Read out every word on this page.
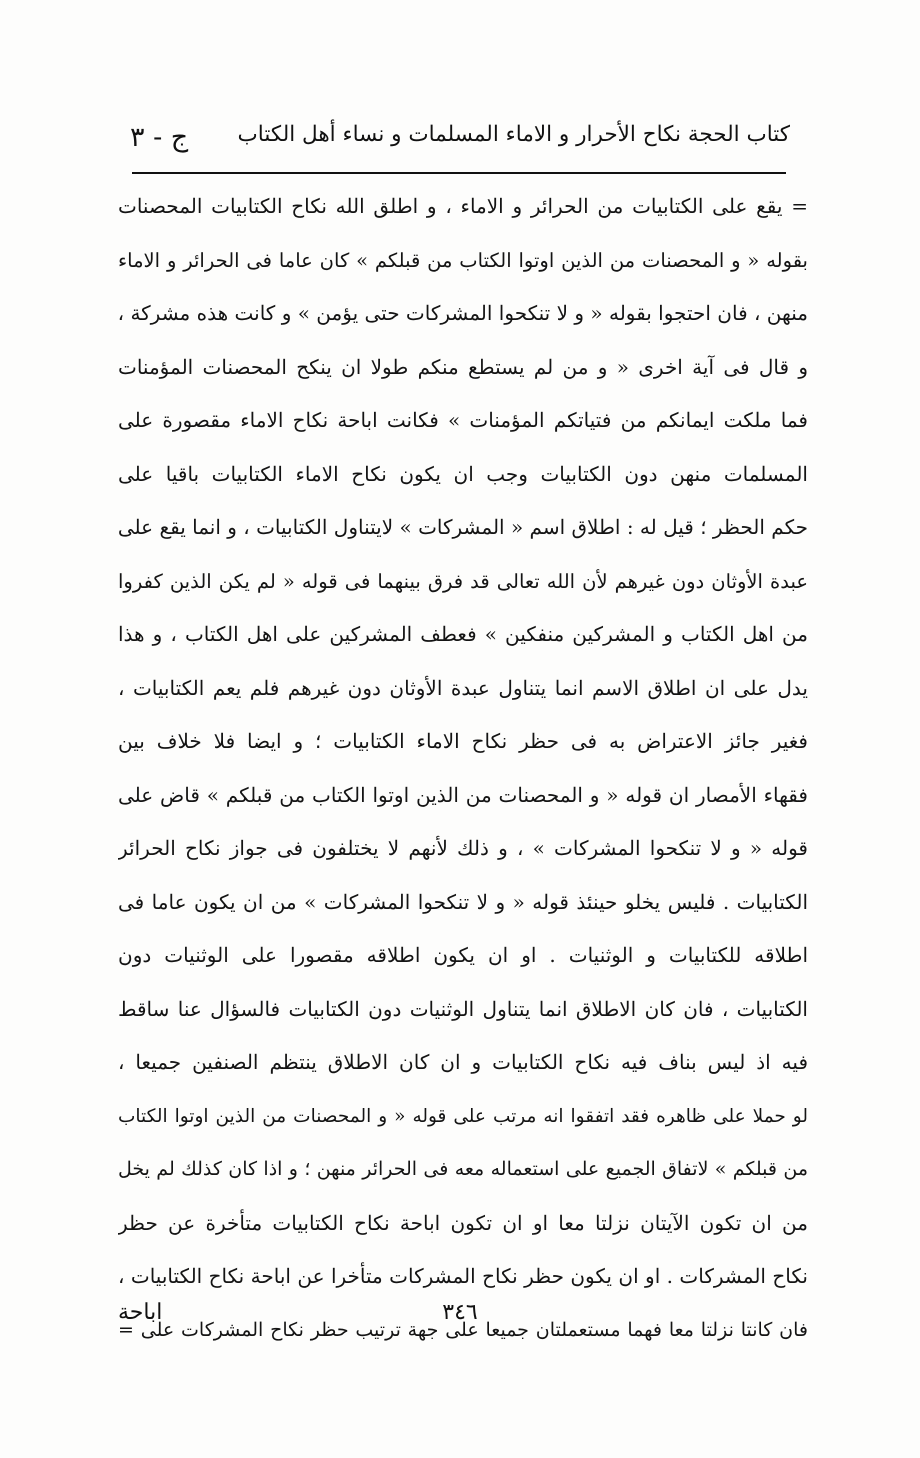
كتاب الحجة نكاح الأحرار و الاماء المسلمات و نساء أهل الكتاب
ج - ٣
= يقع على الكتابيات من الحرائر و الاماء ، و اطلق الله نكاح الكتابيات المحصنات
بقوله « و المحصنات من الذين اوتوا الكتاب من قبلكم » كان عاما فى الحرائر و الاماء
منهن ، فان احتجوا بقوله « و لا تنكحوا المشركات حتى يؤمن » و كانت هذه مشركة ،
و قال فى آية اخرى « و من لم يستطع منكم طولا ان ينكح المحصنات المؤمنات
فما ملكت ايمانكم من فتياتكم المؤمنات » فكانت اباحة نكاح الاماء مقصورة على
المسلمات منهن دون الكتابيات وجب ان يكون نكاح الاماء الكتابيات باقيا على
حكم الحظر ؛ قيل له : اطلاق اسم « المشركات » لايتناول الكتابيات ، و انما يقع على
عبدة الأوثان دون غيرهم لأن الله تعالى قد فرق بينهما فى قوله « لم يكن الذين كفروا
من اهل الكتاب و المشركين منفكين » فعطف المشركين على اهل الكتاب ، و هذا
يدل على ان اطلاق الاسم انما يتناول عبدة الأوثان دون غيرهم فلم يعم الكتابيات ،
فغير جائز الاعتراض به فى حظر نكاح الاماء الكتابيات ؛ و ايضا فلا خلاف بين
فقهاء الأمصار ان قوله « و المحصنات من الذين اوتوا الكتاب من قبلكم » قاض على
قوله « و لا تنكحوا المشركات » ، و ذلك لأنهم لا يختلفون فى جواز نكاح الحرائر
الكتابيات . فليس يخلو حينئذ قوله « و لا تنكحوا المشركات » من ان يكون عاما فى
اطلاقه للكتابيات و الوثنيات . او ان يكون اطلاقه مقصورا على الوثنيات دون
الكتابيات ، فان كان الاطلاق انما يتناول الوثنيات دون الكتابيات فالسؤال عنا ساقط
فيه اذ ليس بناف فيه نكاح الكتابيات و ان كان الاطلاق ينتظم الصنفين جميعا ،
لو حملا على ظاهره فقد اتفقوا انه مرتب على قوله « و المحصنات من الذين اوتوا الكتاب
من قبلكم » لاتفاق الجميع على استعماله معه فى الحرائر منهن ؛ و اذا كان كذلك لم يخل
من ان تكون الآيتان نزلتا معا او ان تكون اباحة نكاح الكتابيات متأخرة عن حظر
نكاح المشركات . او ان يكون حظر نكاح المشركات متأخرا عن اباحة نكاح الكتابيات ،
فان كانتا نزلتا معا فهما مستعملتان جميعا على جهة ترتيب حظر نكاح المشركات على =
٣٤٦
اباحة
